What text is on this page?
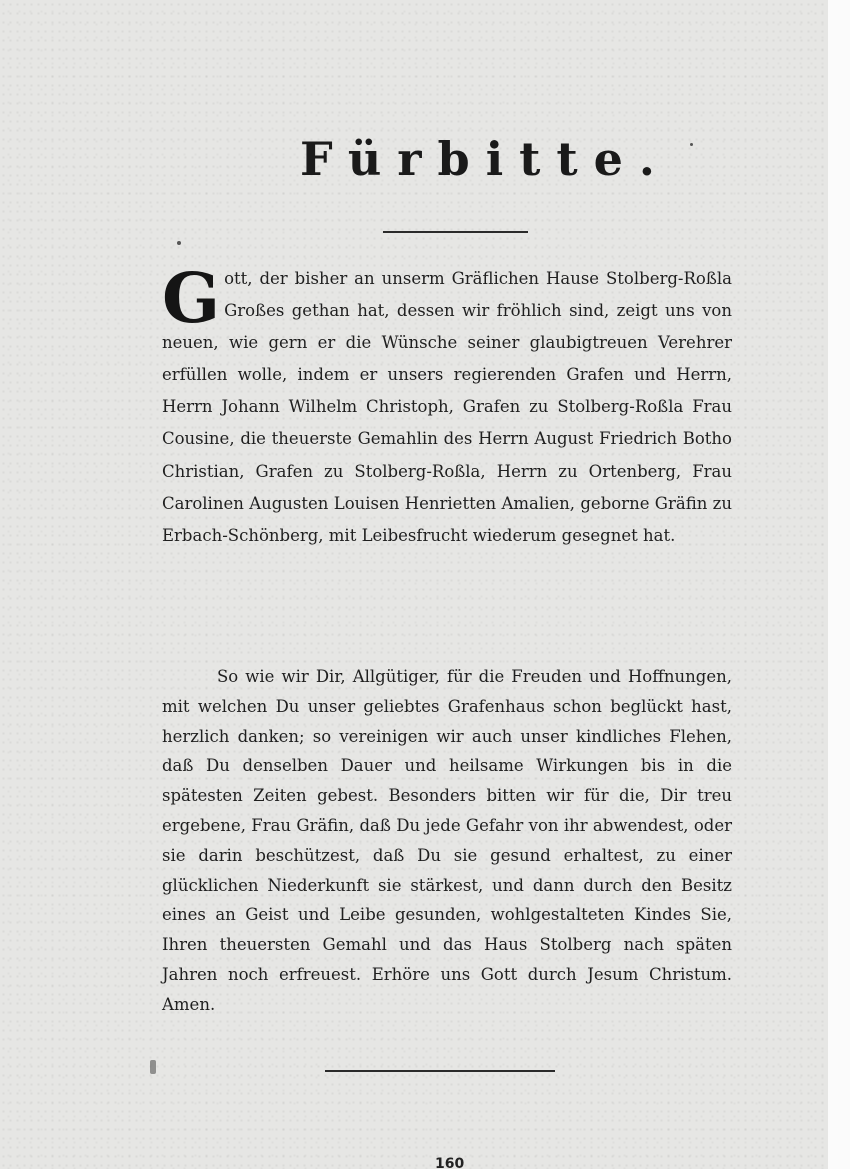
Fürbitte.
Gott, der bisher an unserm Gräflichen Hause Stolberg-Roßla Großes gethan hat, dessen wir fröhlich sind, zeigt uns von neuen, wie gern er die Wünsche seiner glaubigtreuen Verehrer erfüllen wolle, indem er unsers regierenden Grafen und Herrn, Herrn Johann Wilhelm Christoph, Grafen zu Stolberg-Roßla Frau Cousine, die theuerste Gemahlin des Herrn August Friedrich Botho Christian, Grafen zu Stolberg-Roßla, Herrn zu Ortenberg, Frau Carolinen Augusten Louisen Henrietten Amalien, geborne Gräfin zu Erbach-Schönberg, mit Leibesfrucht wiederum gesegnet hat.
So wie wir Dir, Allgütiger, für die Freuden und Hoffnungen, mit welchen Du unser geliebtes Grafenhaus schon beglückt hast, herzlich danken; so vereinigen wir auch unser kindliches Flehen, daß Du denselben Dauer und heilsame Wirkungen bis in die spätesten Zeiten gebest. Besonders bitten wir für die, Dir treu ergebene, Frau Gräfin, daß Du jede Gefahr von ihr abwendest, oder sie darin beschützest, daß Du sie gesund erhaltest, zu einer glücklichen Niederkunft sie stärkest, und dann durch den Besitz eines an Geist und Leibe gesunden, wohlgestalteten Kindes Sie, Ihren theuersten Gemahl und das Haus Stolberg nach späten Jahren noch erfreuest. Erhöre uns Gott durch Jesum Christum. Amen.
160
